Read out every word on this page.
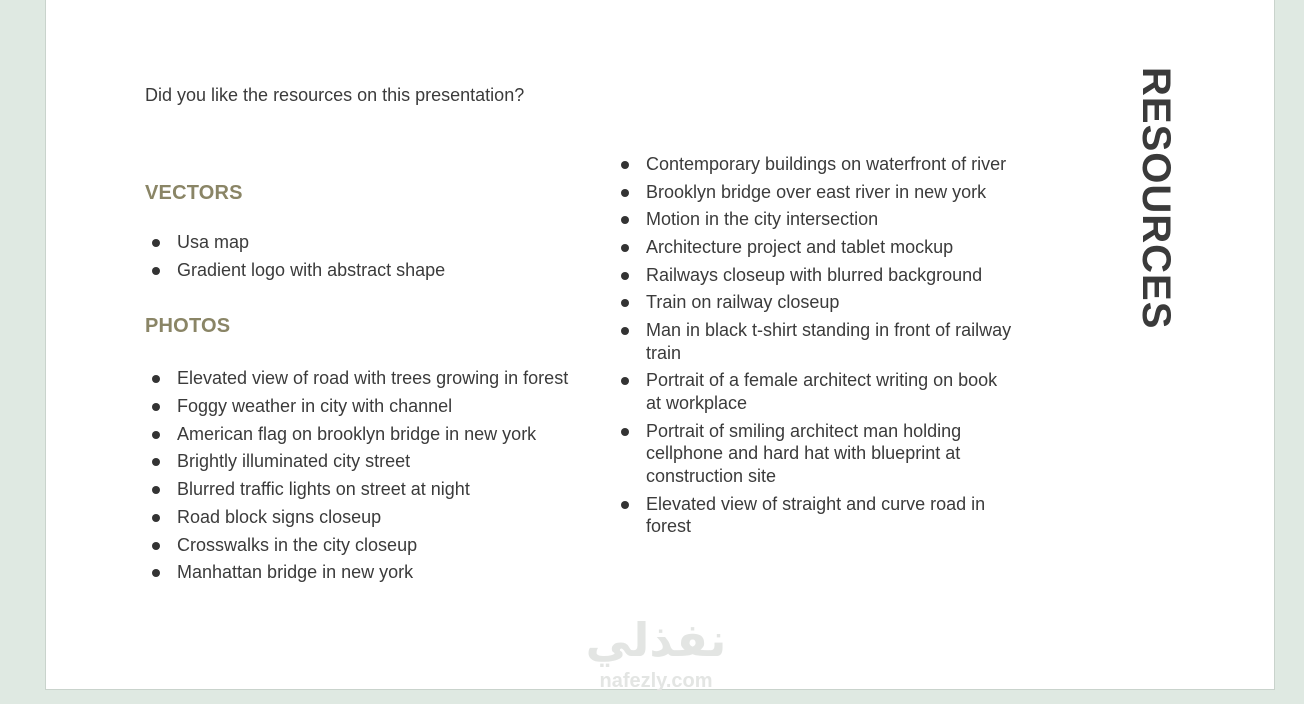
Did you like the resources on this presentation?

VECTORS
Usa map
Gradient logo with abstract shape
PHOTOS
Elevated view of road with trees growing in forest
Foggy weather in city with channel
American flag on brooklyn bridge in new york
Brightly illuminated city street
Blurred traffic lights on street at night
Road block signs closeup
Crosswalks in the city closeup
Manhattan bridge in new york
Contemporary buildings on waterfront of river
Brooklyn bridge over east river in new york
Motion in the city intersection
Architecture project and tablet mockup
Railways closeup with blurred background
Train on railway closeup
Man in black t-shirt standing in front of railway train
Portrait of a female architect writing on book at workplace
Portrait of smiling architect man holding cellphone and hard hat with blueprint at construction site
Elevated view of straight and curve road in forest
RESOURCES
نفذلي
nafezly.com
